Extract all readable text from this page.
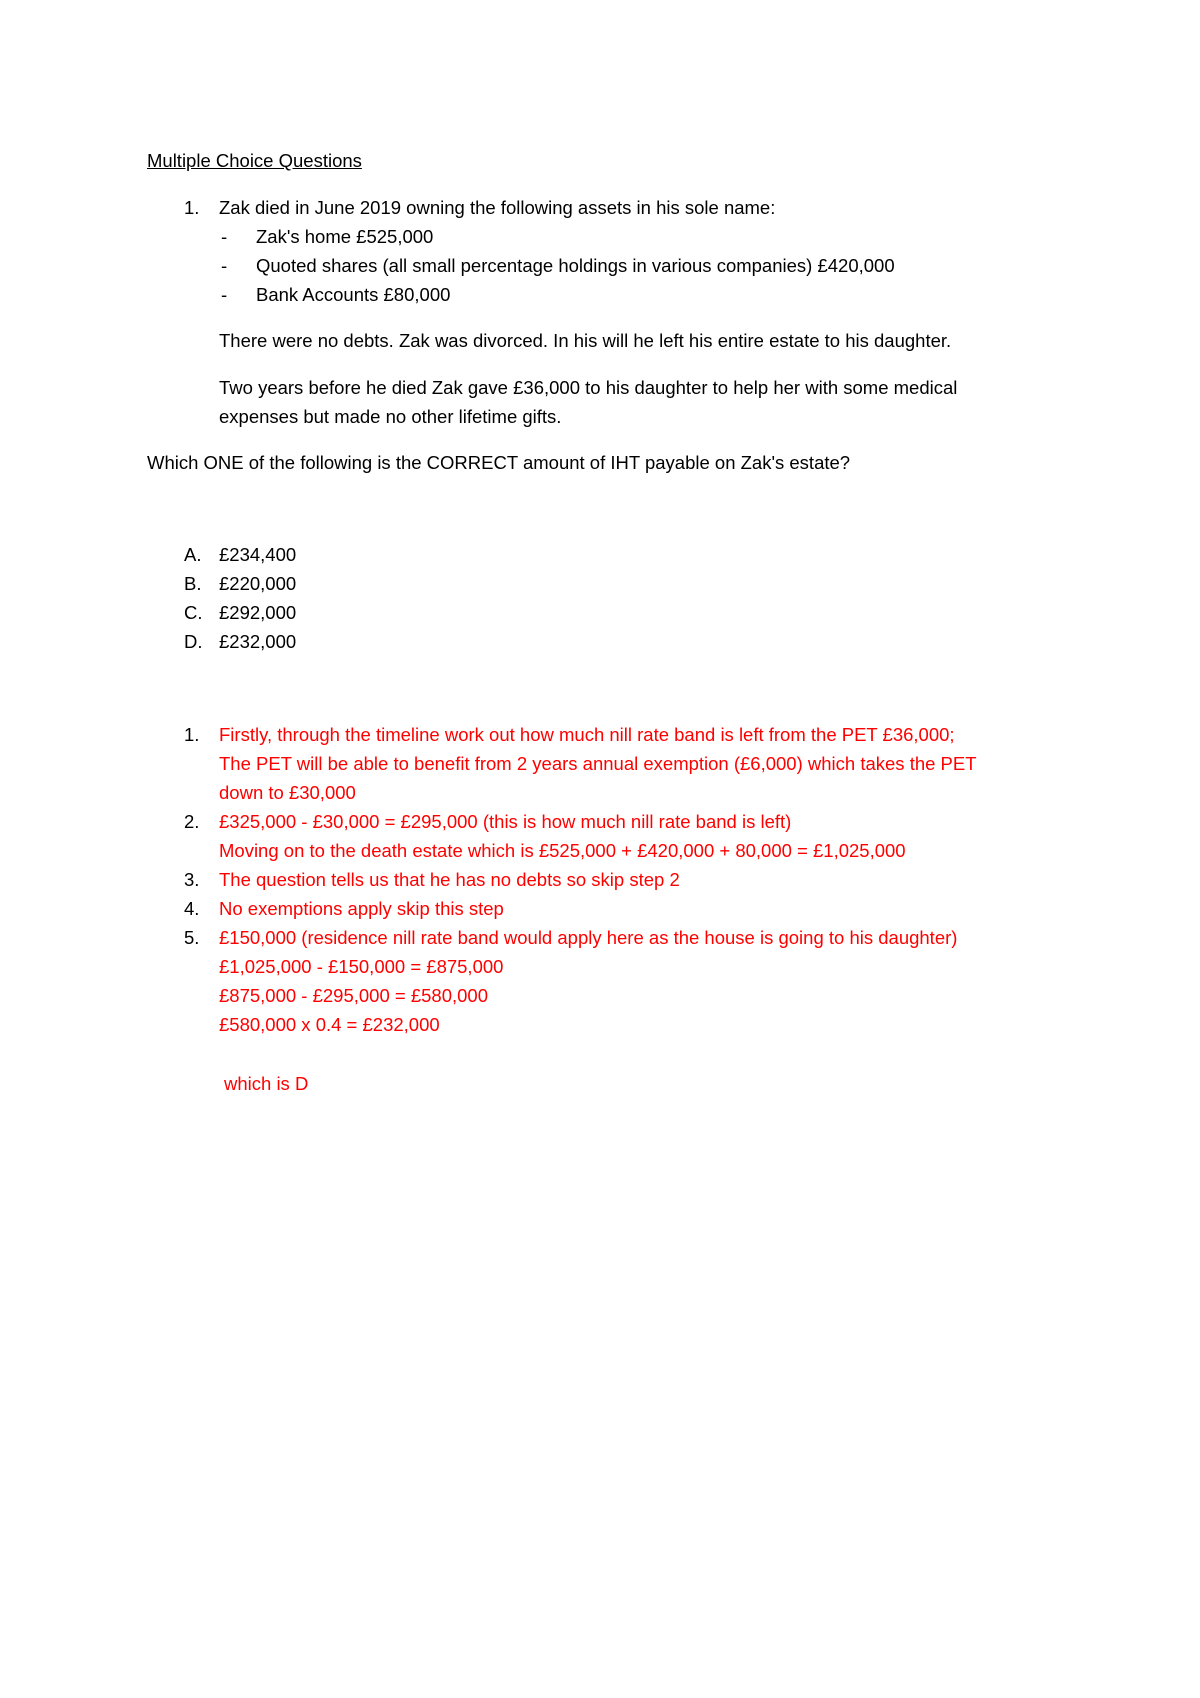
Multiple Choice Questions
1. Zak died in June 2019 owning the following assets in his sole name:
- Zak's home £525,000
- Quoted shares (all small percentage holdings in various companies) £420,000
- Bank Accounts £80,000
There were no debts. Zak was divorced. In his will he left his entire estate to his daughter.
Two years before he died Zak gave £36,000 to his daughter to help her with some medical
expenses but made no other lifetime gifts.
Which ONE of the following is the CORRECT amount of IHT payable on Zak's estate?
A. £234,400
B. £220,000
C. £292,000
D. £232,000
1. Firstly, through the timeline work out how much nill rate band is left from the PET £36,000;
The PET will be able to benefit from 2 years annual exemption (£6,000) which takes the PET
down to £30,000
2. £325,000 - £30,000 = £295,000 (this is how much nill rate band is left)
Moving on to the death estate which is £525,000 + £420,000 + 80,000 = £1,025,000
3. The question tells us that he has no debts so skip step 2
4. No exemptions apply skip this step
5. £150,000 (residence nill rate band would apply here as the house is going to his daughter)
£1,025,000 - £150,000 = £875,000
£875,000 - £295,000 = £580,000
£580,000 x 0.4 = £232,000
which is D
